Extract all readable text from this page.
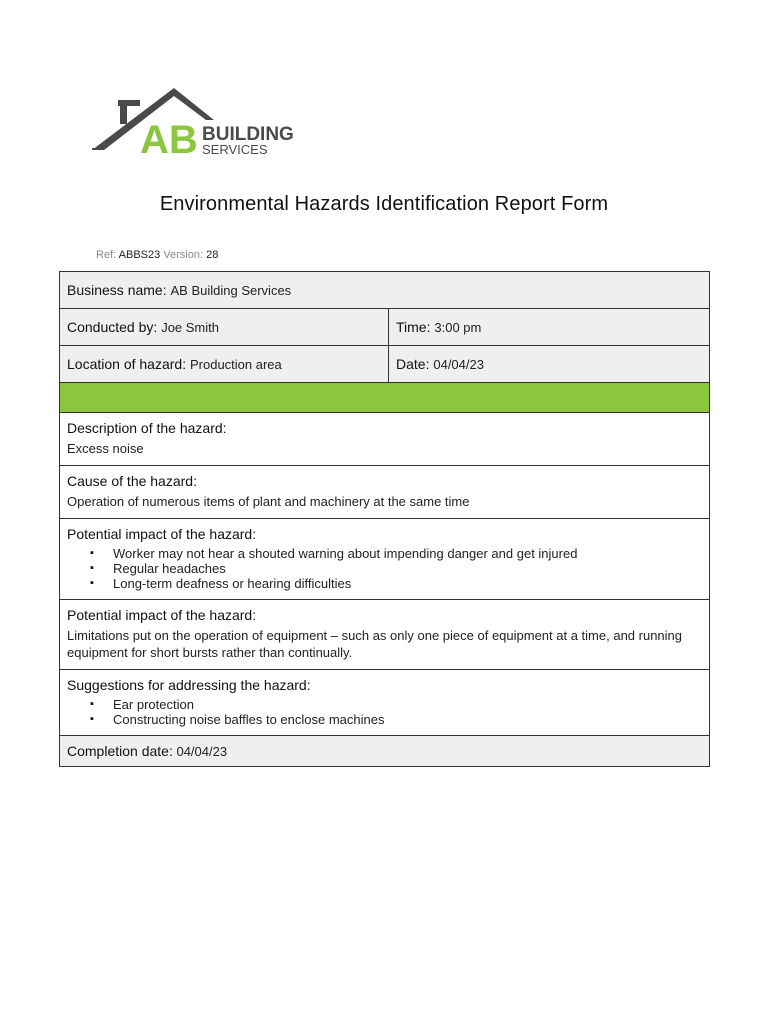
AB BUILDING
SERVICES
Environmental Hazards Identification Report Form
Ref: ABBS23 Version: 28
Business name : AB Building Services
Conducted by : Joe Smith	Time : 3:00 pm
Location of hazard : Production area	Date : 04/04/23
Description of the hazard:
Excess noise
Cause of the hazard:
Operation of numerous items of plant and machinery at the same time
Potential impact of the hazard:
▪ Worker may not hear a shouted warning about impending danger and get injured
▪ Regular headaches
▪ Long-term deafness or hearing difficulties
Potential impact of the hazard:
Limitations put on the operation of equipment – such as only one piece of equipment at a time, and running equipment for short bursts rather than continually.
Suggestions for addressing the hazard:
▪ Ear protection
▪ Constructing noise baffles to enclose machines
Completion date:
04/04/23
